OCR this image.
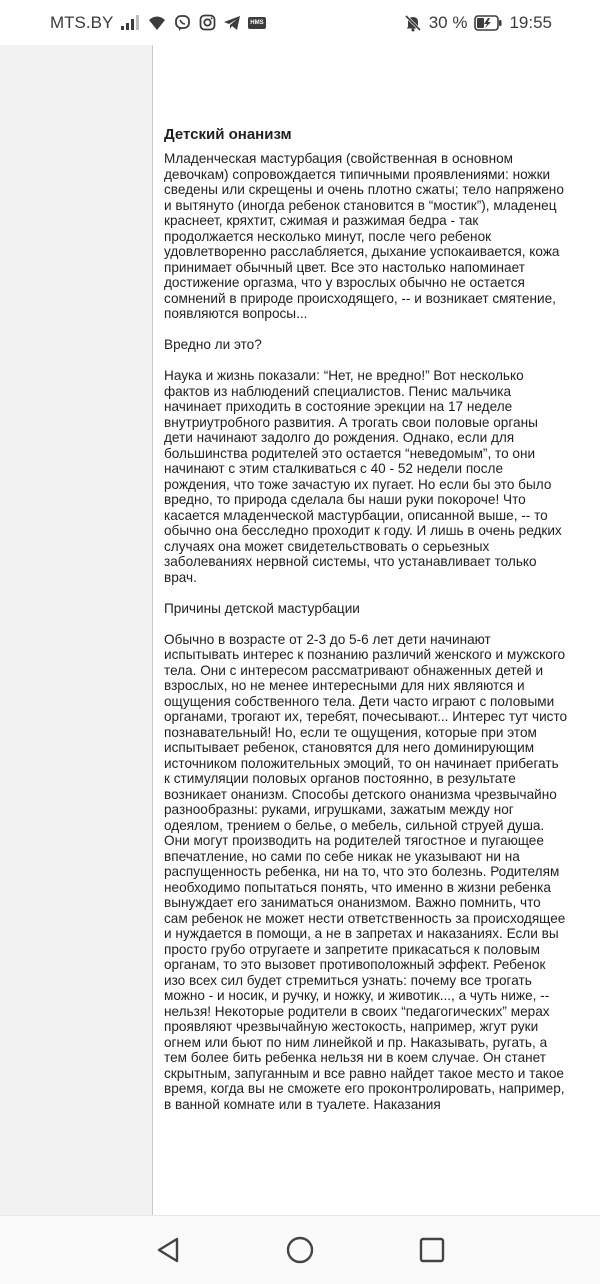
MTS.BY	HMS	30 % 19:55
Детский онанизм

Младенческая мастурбация (свойственная в основном девочкам) сопровождается типичными проявлениями: ножки сведены или скрещены и очень плотно сжаты; тело напряжено и вытянуто (иногда ребенок становится в “мостик”), младенец краснеет, кряхтит, сжимая и разжимая бедра - так продолжается несколько минут, после чего ребенок удовлетворенно расслабляется, дыхание успокаивается, кожа принимает обычный цвет. Все это настолько напоминает достижение оргазма, что у взрослых обычно не остается сомнений в природе происходящего, -- и возникает смятение, появляются вопросы...

Вредно ли это?

Наука и жизнь показали: “Нет, не вредно!” Вот несколько фактов из наблюдений специалистов. Пенис мальчика начинает приходить в состояние эрекции на 17 неделе внутриутробного развития. А трогать свои половые органы дети начинают задолго до рождения. Однако, если для большинства родителей это остается “неведомым”, то они начинают с этим сталкиваться с 40 - 52 недели после рождения, что тоже зачастую их пугает. Но если бы это было вредно, то природа сделала бы наши руки покороче! Что касается младенческой мастурбации, описанной выше, -- то обычно она бесследно проходит к году. И лишь в очень редких случаях она может свидетельствовать о серьезных заболеваниях нервной системы, что устанавливает только врач.

Причины детской мастурбации

Обычно в возрасте от 2-3 до 5-6 лет дети начинают испытывать интерес к познанию различий женского и мужского тела. Они с интересом рассматривают обнаженных детей и взрослых, но не менее интересными для них являются и ощущения собственного тела. Дети часто играют с половыми органами, трогают их, теребят, почесывают... Интерес тут чисто познавательный! Но, если те ощущения, которые при этом испытывает ребенок, становятся для него доминирующим источником положительных эмоций, то он начинает прибегать к стимуляции половых органов постоянно, в результате возникает онанизм. Способы детского онанизма чрезвычайно разнообразны: руками, игрушками, зажатым между ног одеялом, трением о белье, о мебель, сильной струей душа. Они могут производить на родителей тягостное и пугающее впечатление, но сами по себе никак не указывают ни на распущенность ребенка, ни на то, что это болезнь. Родителям необходимо попытаться понять, что именно в жизни ребенка вынуждает его заниматься онанизмом. Важно помнить, что сам ребенок не может нести ответственность за происходящее и нуждается в помощи, а не в запретах и наказаниях. Если вы просто грубо отругаете и запретите прикасаться к половым органам, то это вызовет противоположный эффект. Ребенок изо всех сил будет стремиться узнать: почему все трогать можно - и носик, и ручку, и ножку, и животик..., а чуть ниже, -- нельзя! Некоторые родители в своих “педагогических” мерах проявляют чрезвычайную жестокость, например, жгут руки огнем или бьют по ним линейкой и пр. Наказывать, ругать, а тем более бить ребенка нельзя ни в коем случае. Он станет скрытным, запуганным и все равно найдет такое место и такое время, когда вы не сможете его проконтролировать, например, в ванной комнате или в туалете. Наказания
